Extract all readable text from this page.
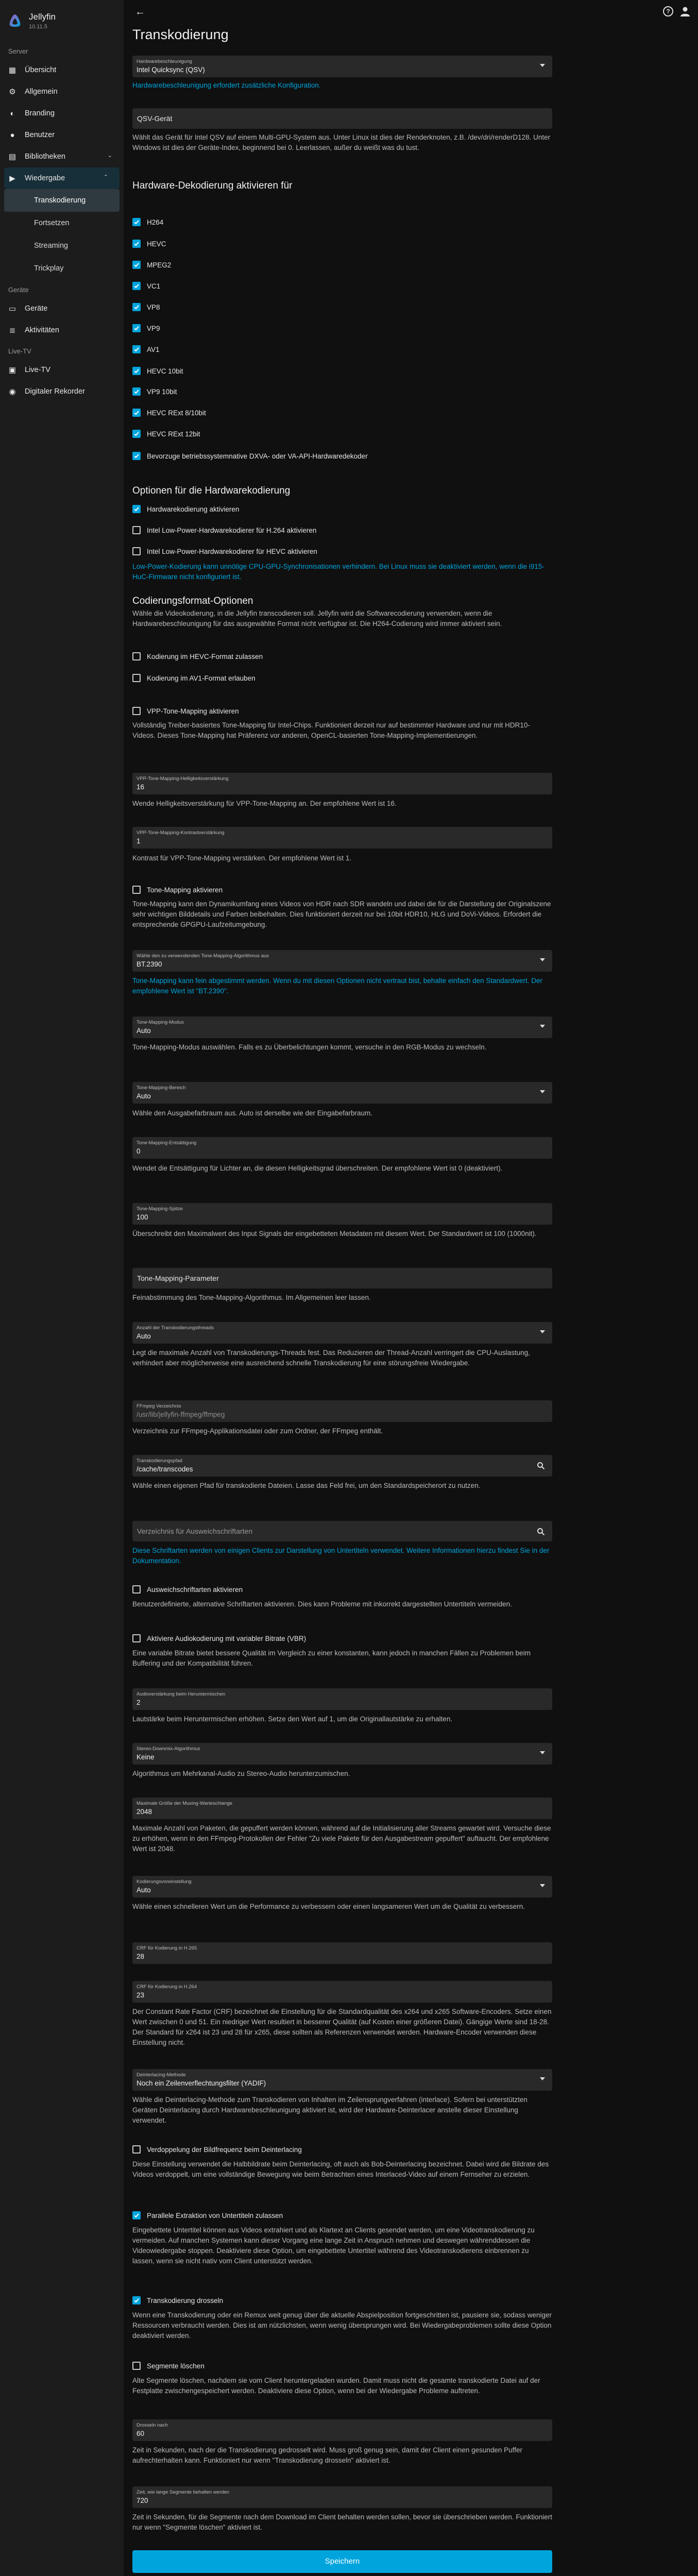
Jellyfin
10.11.5
Server
▦ Übersicht
⚙ Allgemein
◐	Branding
●	Benutzer
▤ Bibliotheken	⌄
▶ Wiedergabe	⌃
Transkodierung
Fortsetzen
Streaming
Trickplay
Geräte
▭ Geräte
≣ Aktivitäten
Live-TV
▣ Live-TV
◉ Digitaler Rekorder
←	?
Transkodierung
Hardwarebeschleunigung
Intel Quicksync (QSV)
Hardwarebeschleunigung erfordert zusätzliche Konfiguration.
QSV-Gerät
Wählt das Gerät für Intel QSV auf einem Multi-GPU-System aus. Unter Linux ist dies der Renderknoten, z.B. /dev/dri/renderD128. Unter Windows ist dies der Geräte-Index, beginnend bei 0. Leerlassen, außer du weißt was du tust.
Hardware-Dekodierung aktivieren für
H264
HEVC
MPEG2
VC1
VP8
VP9
AV1
HEVC 10bit
VP9 10bit
HEVC RExt 8/10bit
HEVC RExt 12bit
Bevorzuge betriebssystemnative DXVA- oder VA-API-Hardwaredekoder
Optionen für die Hardwarekodierung
Hardwarekodierung aktivieren
Intel Low-Power-Hardwarekodierer für H.264 aktivieren
Intel Low-Power-Hardwarekodierer für HEVC aktivieren
Low-Power-Kodierung kann unnötige CPU-GPU-Synchronisationen verhindern. Bei Linux muss sie deaktiviert werden, wenn die i915-HuC-Firmware nicht konfiguriert ist.
Codierungsformat-Optionen
Wähle die Videokodierung, in die Jellyfin transcodieren soll. Jellyfin wird die Softwarecodierung verwenden, wenn die Hardwarebeschleunigung für das ausgewählte Format nicht verfügbar ist. Die H264-Codierung wird immer aktiviert sein.
Kodierung im HEVC-Format zulassen
Kodierung im AV1-Format erlauben
VPP-Tone-Mapping aktivieren
Vollständig Treiber-basiertes Tone-Mapping für Intel-Chips. Funktioniert derzeit nur auf bestimmter Hardware und nur mit HDR10-Videos. Dieses Tone-Mapping hat Präferenz vor anderen, OpenCL-basierten Tone-Mapping-Implementierungen.
VPP-Tone-Mapping-Helligkeitsverstärkung
16
Wende Helligkeitsverstärkung für VPP-Tone-Mapping an. Der empfohlene Wert ist 16.
VPP-Tone-Mapping-Kontrastverstärkung
1
Kontrast für VPP-Tone-Mapping verstärken. Der empfohlene Wert ist 1.
Tone-Mapping aktivieren
Tone-Mapping kann den Dynamikumfang eines Videos von HDR nach SDR wandeln und dabei die für die Darstellung der Originalszene sehr wichtigen Bilddetails und Farben beibehalten. Dies funktioniert derzeit nur bei 10bit HDR10, HLG und DoVi-Videos. Erfordert die entsprechende GPGPU-Laufzeitumgebung.
Wähle den zu verwendenden Tone-Mapping-Algorithmus aus
BT.2390
Tone-Mapping kann fein abgestimmt werden. Wenn du mit diesen Optionen nicht vertraut bist, behalte einfach den Standardwert. Der empfohlene Wert ist "BT.2390".
Tone-Mapping-Modus
Auto
Tone-Mapping-Modus auswählen. Falls es zu Überbelichtungen kommt, versuche in den RGB-Modus zu wechseln.
Tone-Mapping-Bereich
Auto
Wähle den Ausgabefarbraum aus. Auto ist derselbe wie der Eingabefarbraum.
Tone-Mapping-Entsättigung
0
Wendet die Entsättigung für Lichter an, die diesen Helligkeitsgrad überschreiten. Der empfohlene Wert ist 0 (deaktiviert).
Tone-Mapping-Spitze
100
Überschreibt den Maximalwert des Input Signals der eingebetteten Metadaten mit diesem Wert. Der Standardwert ist 100 (1000nit).
Tone-Mapping-Parameter
Feinabstimmung des Tone-Mapping-Algorithmus. Im Allgemeinen leer lassen.
Anzahl der Transkodierungsthreads
Auto
Legt die maximale Anzahl von Transkodierungs-Threads fest. Das Reduzieren der Thread-Anzahl verringert die CPU-Auslastung, verhindert aber möglicherweise eine ausreichend schnelle Transkodierung für eine störungsfreie Wiedergabe.
FFmpeg Verzeichnis
/usr/lib/jellyfin-ffmpeg/ffmpeg
Verzeichnis zur FFmpeg-Applikationsdatei oder zum Ordner, der FFmpeg enthält.
Transkodierungspfad
/cache/transcodes
Wähle einen eigenen Pfad für transkodierte Dateien. Lasse das Feld frei, um den Standardspeicherort zu nutzen.
Verzeichnis für Ausweichschriftarten
Diese Schriftarten werden von einigen Clients zur Darstellung von Untertiteln verwendet. Weitere Informationen hierzu findest Sie in der Dokumentation.
Ausweichschriftarten aktivieren
Benutzerdefinierte, alternative Schriftarten aktivieren. Dies kann Probleme mit inkorrekt dargestellten Untertiteln vermeiden.
Aktiviere Audiokodierung mit variabler Bitrate (VBR)
Eine variable Bitrate bietet bessere Qualität im Vergleich zu einer konstanten, kann jedoch in manchen Fällen zu Problemen beim Buffering und der Kompatibilität führen.
Audioverstärkung beim Heruntermischen
2
Lautstärke beim Heruntermischen erhöhen. Setze den Wert auf 1, um die Originallautstärke zu erhalten.
Stereo-Downmix-Algorithmus
Keine
Algorithmus um Mehrkanal-Audio zu Stereo-Audio herunterzumischen.
Maximale Größe der Muxing-Warteschlange
2048
Maximale Anzahl von Paketen, die gepuffert werden können, während auf die Initialisierung aller Streams gewartet wird. Versuche diese zu erhöhen, wenn in den FFmpeg-Protokollen der Fehler "Zu viele Pakete für den Ausgabestream gepuffert" auftaucht. Der empfohlene Wert ist 2048.
Kodierungsvoreinstellung
Auto
Wähle einen schnelleren Wert um die Performance zu verbessern oder einen langsameren Wert um die Qualität zu verbessern.
CRF für Kodierung in H.265
28
CRF für Kodierung in H.264
23
Der Constant Rate Factor (CRF) bezeichnet die Einstellung für die Standardqualität des x264 und x265 Software-Encoders. Setze einen Wert zwischen 0 und 51. Ein niedriger Wert resultiert in besserer Qualität (auf Kosten einer größeren Datei). Gängige Werte sind 18-28. Der Standard für x264 ist 23 und 28 für x265, diese sollten als Referenzen verwendet werden. Hardware-Encoder verwenden diese Einstellung nicht.
Deinterlacing-Methode
Noch ein Zeilenverflechtungsfilter (YADIF)
Wähle die Deinterlacing-Methode zum Transkodieren von Inhalten im Zeilensprungverfahren (interlace). Sofern bei unterstützten Geräten Deinterlacing durch Hardwarebeschleunigung aktiviert ist, wird der Hardware-Deinterlacer anstelle dieser Einstellung verwendet.
Verdoppelung der Bildfrequenz beim Deinterlacing
Diese Einstellung verwendet die Halbbildrate beim Deinterlacing, oft auch als Bob-Deinterlacing bezeichnet. Dabei wird die Bildrate des Videos verdoppelt, um eine vollständige Bewegung wie beim Betrachten eines Interlaced-Video auf einem Fernseher zu erzielen.
Parallele Extraktion von Untertiteln zulassen
Eingebettete Untertitel können aus Videos extrahiert und als Klartext an Clients gesendet werden, um eine Videotranskodierung zu vermeiden. Auf manchen Systemen kann dieser Vorgang eine lange Zeit in Anspruch nehmen und deswegen währenddessen die Videowiedergabe stoppen. Deaktiviere diese Option, um eingebettete Untertitel während des Videotranskodierens einbrennen zu lassen, wenn sie nicht nativ vom Client unterstützt werden.
Transkodierung drosseln
Wenn eine Transkodierung oder ein Remux weit genug über die aktuelle Abspielposition fortgeschritten ist, pausiere sie, sodass weniger Ressourcen verbraucht werden. Dies ist am nützlichsten, wenn wenig übersprungen wird. Bei Wiedergabeproblemen sollte diese Option deaktiviert werden.
Segmente löschen
Alte Segmente löschen, nachdem sie vom Client heruntergeladen wurden. Damit muss nicht die gesamte transkodierte Datei auf der Festplatte zwischengespeichert werden. Deaktiviere diese Option, wenn bei der Wiedergabe Probleme auftreten.
Drosseln nach
60
Zeit in Sekunden, nach der die Transkodierung gedrosselt wird. Muss groß genug sein, damit der Client einen gesunden Puffer aufrechterhalten kann. Funktioniert nur wenn "Transkodierung drosseln" aktiviert ist.
Zeit, wie lange Segmente behalten werden
720
Zeit in Sekunden, für die Segmente nach dem Download im Client behalten werden sollen, bevor sie überschrieben werden. Funktioniert nur wenn "Segmente löschen" aktiviert ist.
Speichern
